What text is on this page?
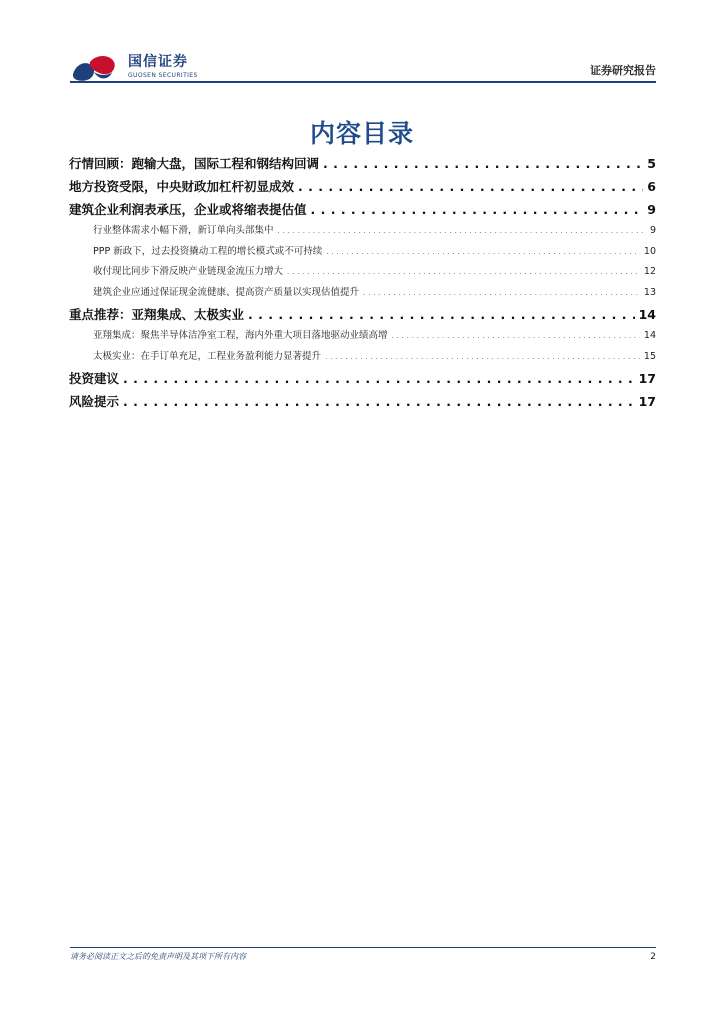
国信证券
GUOSEN SECURITIES	证券研究报告
内容目录
行情回顾：跑输大盘，国际工程和钢结构回调 . . .	5
地方投资受限，中央财政加杠杆初显成效 . . .	6
建筑企业利润表承压，企业或将缩表提估值 . . .	9
行业整体需求小幅下滑，新订单向头部集中 . . .	9
PPP 新政下，过去投资撬动工程的增长模式或不可持续 . . .	10
收付现比同步下滑反映产业链现金流压力增大 . . .	12
建筑企业应通过保证现金流健康、提高资产质量以实现估值提升 . . .	13
重点推荐：亚翔集成、太极实业 . . .	14
亚翔集成：聚焦半导体洁净室工程，海内外重大项目落地驱动业绩高增 . . .	14
太极实业：在手订单充足，工程业务盈利能力显著提升 . . .	15
投资建议 . . .	17
风险提示 . . .	17
请务必阅读正文之后的免责声明及其项下所有内容	2
